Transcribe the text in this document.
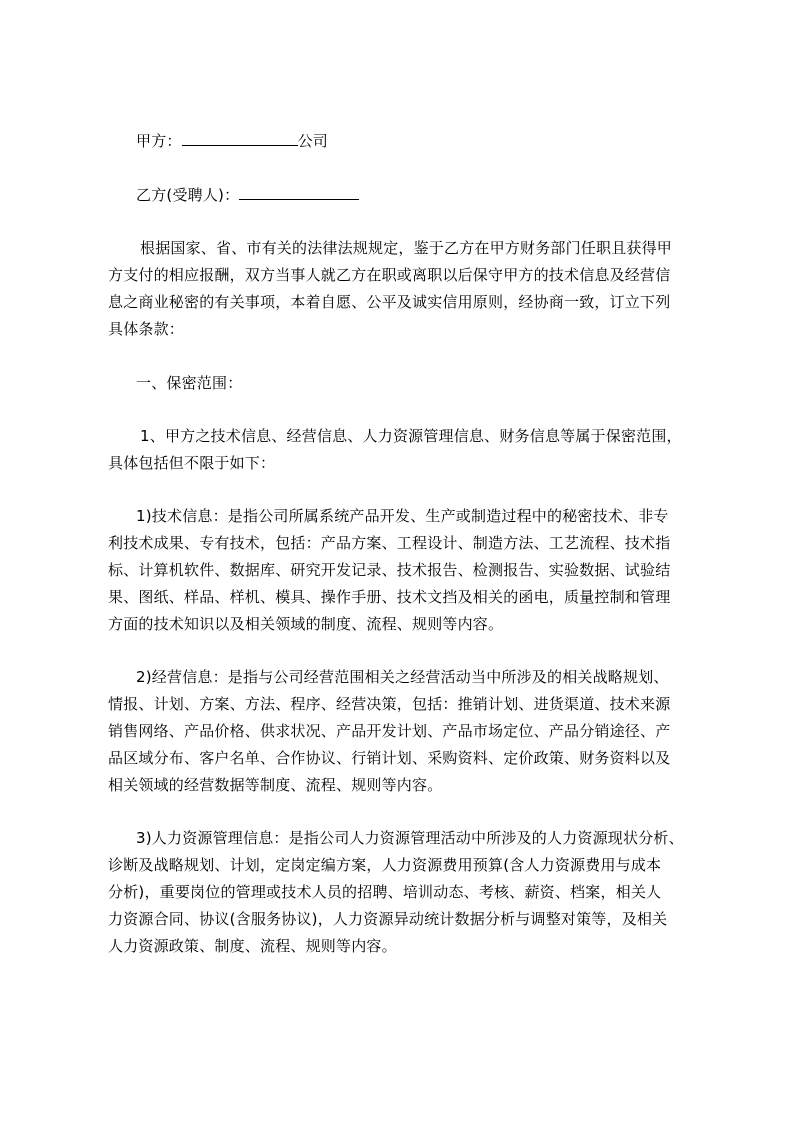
甲方：	公司
乙方(受聘人)：
根据国家、省、市有关的法律法规规定，鉴于乙方在甲方财务部门任职且获得甲
方支付的相应报酬，双方当事人就乙方在职或离职以后保守甲方的技术信息及经营信
息之商业秘密的有关事项，本着自愿、公平及诚实信用原则，经协商一致，订立下列
具体条款：
一、保密范围：
1、甲方之技术信息、经营信息、人力资源管理信息、财务信息等属于保密范围，
具体包括但不限于如下：
1)技术信息：是指公司所属系统产品开发、生产或制造过程中的秘密技术、非专
利技术成果、专有技术，包括：产品方案、工程设计、制造方法、工艺流程、技术指
标、计算机软件、数据库、研究开发记录、技术报告、检测报告、实验数据、试验结
果、图纸、样品、样机、模具、操作手册、技术文挡及相关的函电，质量控制和管理
方面的技术知识以及相关领域的制度、流程、规则等内容。
2)经营信息：是指与公司经营范围相关之经营活动当中所涉及的相关战略规划、
情报、计划、方案、方法、程序、经营决策，包括：推销计划、进货渠道、技术来源
销售网络、产品价格、供求状况、产品开发计划、产品市场定位、产品分销途径、产
品区域分布、客户名单、合作协议、行销计划、采购资料、定价政策、财务资料以及
相关领域的经营数据等制度、流程、规则等内容。
3)人力资源管理信息：是指公司人力资源管理活动中所涉及的人力资源现状分析、
诊断及战略规划、计划，定岗定编方案，人力资源费用预算(含人力资源费用与成本
分析)，重要岗位的管理或技术人员的招聘、培训动态、考核、薪资、档案，相关人
力资源合同、协议(含服务协议)，人力资源异动统计数据分析与调整对策等，及相关
人力资源政策、制度、流程、规则等内容。
